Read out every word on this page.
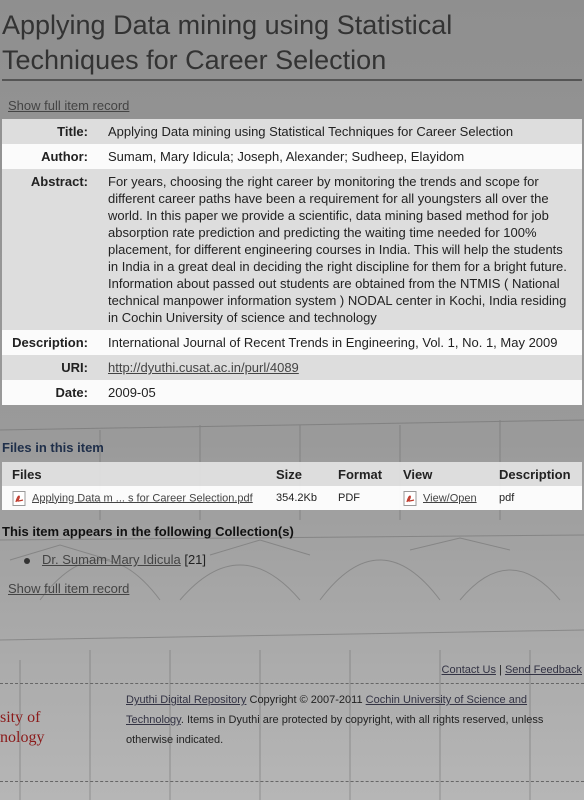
Applying Data mining using Statistical Techniques for Career Selection
Show full item record
Title:	Applying Data mining using Statistical Techniques for Career Selection
Author:	Sumam, Mary Idicula; Joseph, Alexander; Sudheep, Elayidom
Abstract:	For years, choosing the right career by monitoring the trends and scope for different career paths have been a requirement for all youngsters all over the world. In this paper we provide a scientific, data mining based method for job absorption rate prediction and predicting the waiting time needed for 100% placement, for different engineering courses in India. This will help the students in India in a great deal in deciding the right discipline for them for a bright future. Information about passed out students are obtained from the NTMIS ( National technical manpower information system ) NODAL center in Kochi, India residing in Cochin University of science and technology
Description:	International Journal of Recent Trends in Engineering, Vol. 1, No. 1, May 2009
URI:	http://dyuthi.cusat.ac.in/purl/4089
Date:	2009-05
Files in this item
Files	Size	Format	View	Description
Applying Data m ... s for Career Selection.pdf	354.2Kb	PDF	View/Open	pdf
This item appears in the following Collection(s)
Dr. Sumam Mary Idicula [21]
Show full item record
Contact Us | Send Feedback
sity of
nology
Dyuthi Digital Repository Copyright © 2007-2011 Cochin University of Science and Technology. Items in Dyuthi are protected by copyright, with all rights reserved, unless otherwise indicated.
